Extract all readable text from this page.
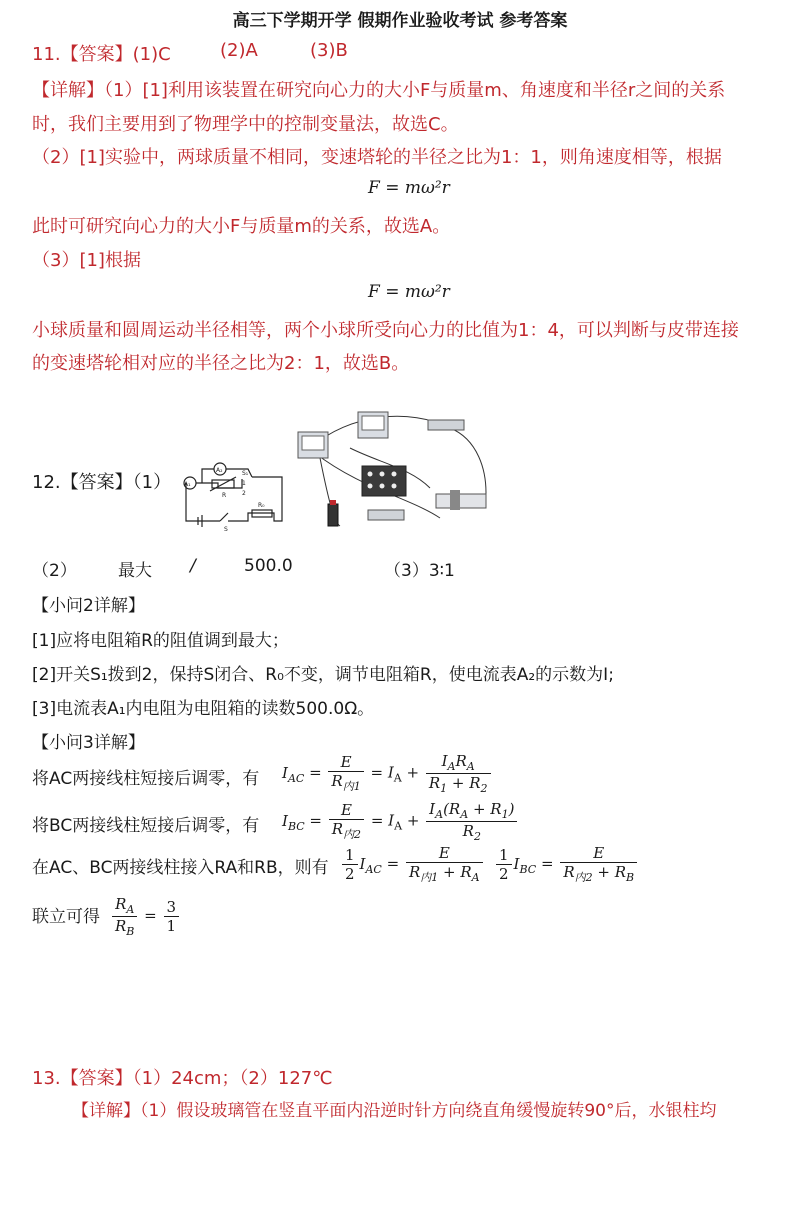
高三下学期开学 假期作业验收考试 参考答案
11.【答案】(1)C	(2)A	(3)B
【详解】（1）[1]利用该装置在研究向心力的大小F与质量m、角速度和半径r之间的关系
时，我们主要用到了物理学中的控制变量法，故选C。
（2）[1]实验中，两球质量不相同，变速塔轮的半径之比为1：1，则角速度相等，根据
F = mω²r
此时可研究向心力的大小F与质量m的关系，故选A。
（3）[1]根据
F = mω²r
小球质量和圆周运动半径相等，两个小球所受向心力的比值为1：4，可以判断与皮带连接
的变速塔轮相对应的半径之比为2：1，故选B。
12.【答案】（1） A₁
A₂	S₁
1
2
R
S
R₀
（2） 最大 /	500.0	（3）3∶1
【小问2详解】
[1]应将电阻箱R的阻值调到最大；
[2]开关S₁拨到2，保持S闭合、R₀不变，调节电阻箱R，使电流表A₂的示数为I;
[3]电流表A₁内电阻为电阻箱的读数500.0Ω。
【小问3详解】
将AC两接线柱短接后调零，有 $I_{AC} = \frac{E}{R_{内1}} = I_A + \frac{I_AR_A}{R_1 + R_2}$
将BC两接线柱短接后调零，有 $I_{BC} = \frac{E}{R_{内2}} = I_A + \frac{I_A(R_A + R_1)}{R_2}$
在AC、BC两接线柱接入RA和RB，则有 $\frac{1}{2} I_{AC} = \frac{E}{R_{内1} + R_A} \frac{1}{2} I_{BC} = \frac{E}{R_{内2} + R_B}$
联立可得 $\frac{R_A}{R_B} = \frac{3}{1}$
13.【答案】（1）24cm；（2）127℃
【详解】（1）假设玻璃管在竖直平面内沿逆时针方向绕直角缓慢旋转90°后，水银柱均
